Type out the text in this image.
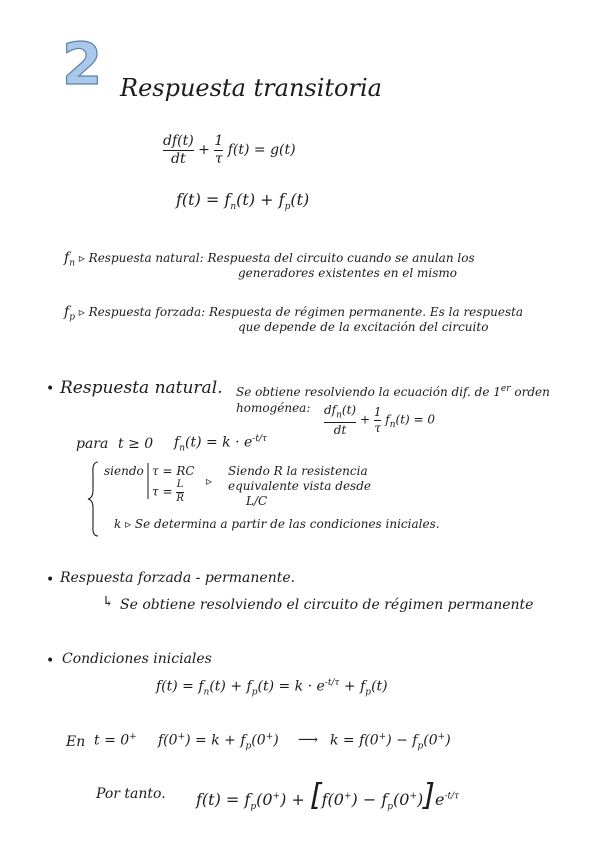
2 Respuesta transitoria
$\frac{df(t)}{dt} + \frac{1}{\tau} f(t) = g(t)$
$f(t) = f_n(t) + f_p(t)$
$f_n$ ▹ Respuesta natural: Respuesta del circuito cuando se anulan los
generadores existentes en el mismo
$f_p$ ▹ Respuesta forzada: Respuesta de régimen permanente. Es la respuesta
que depende de la excitación del circuito
• Respuesta natural. Se obtiene resolviendo la ecuación dif. de 1er orden
homogénea: $\frac{df_n(t)}{dt} + \frac{1}{\tau} f_n(t) = 0$
para t ≥ 0 $f_n(t) = k \cdot e^{-t/\tau}$
siendo τ = RC
$\tau = \frac{L}{R}$ ▹
Siendo R la resistencia
equivalente vista desde
L/C
k ▹ Se determina a partir de las condiciones iniciales.
• Respuesta forzada - permanente.
↳ Se obtiene resolviendo el circuito de régimen permanente
• Condiciones iniciales
$f(t) = f_n(t) + f_p(t) = k \cdot e^{-t/\tau} + f_p(t)$
En t = 0+ $f(0^+) = k + f_p(0^+)$ ⟶ $k = f(0^+) - f_p(0^+)$
Por tanto. $f(t) = f_p(0^+) + [f(0^+) - f_p(0^+)]e^{-t/\tau}$
